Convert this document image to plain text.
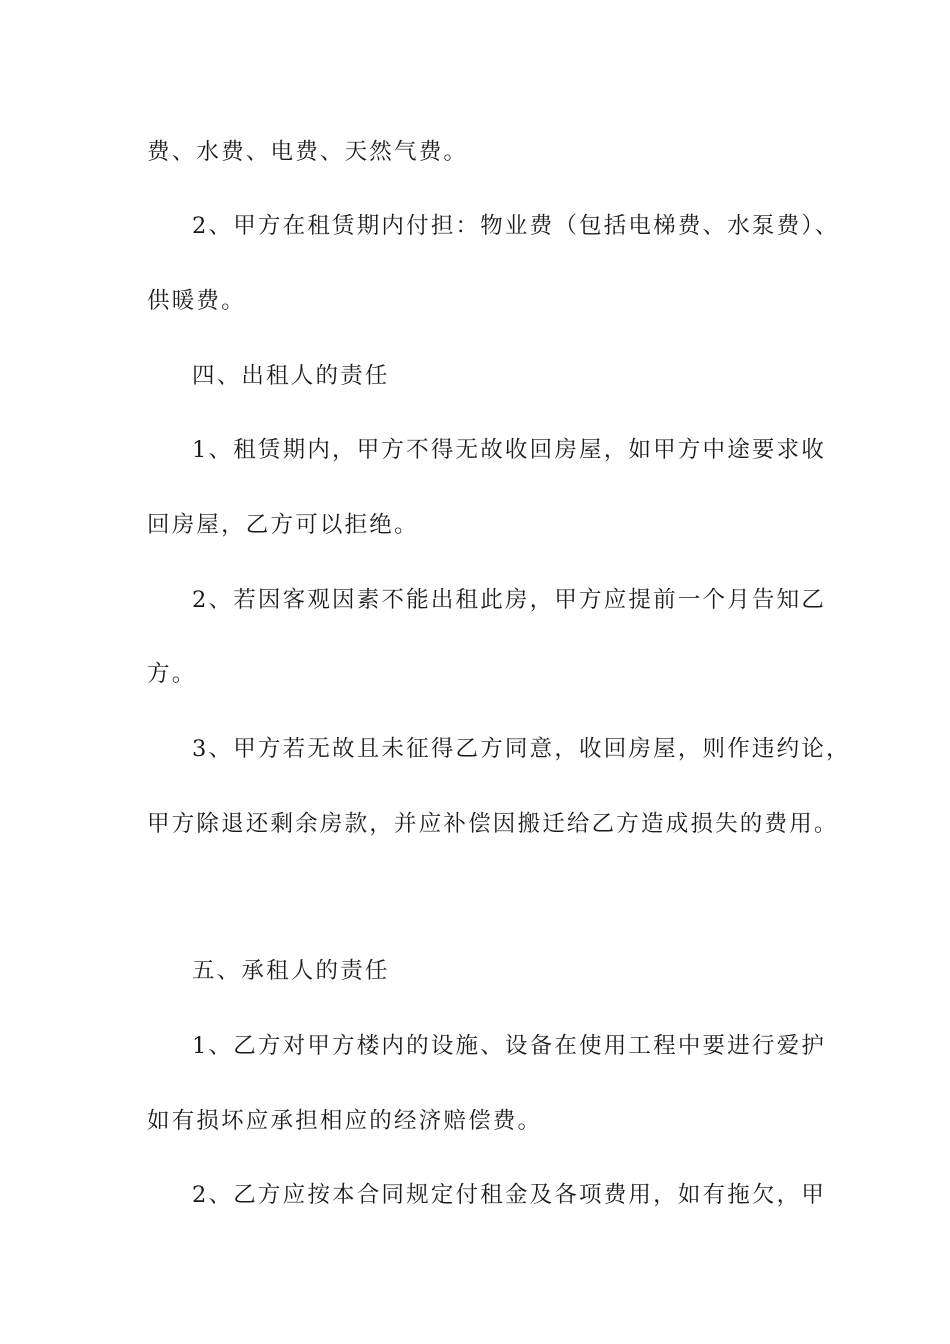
费、水费、电费、天然气费。
2、甲方在租赁期内付担：物业费（包括电梯费、水泵费）、
供暖费。
四、出租人的责任
1、租赁期内，甲方不得无故收回房屋，如甲方中途要求收
回房屋，乙方可以拒绝。
2、若因客观因素不能出租此房，甲方应提前一个月告知乙
方。
3、甲方若无故且未征得乙方同意，收回房屋，则作违约论，
甲方除退还剩余房款，并应补偿因搬迁给乙方造成损失的费用。
五、承租人的责任
1、乙方对甲方楼内的设施、设备在使用工程中要进行爱护
如有损坏应承担相应的经济赔偿费。
2、乙方应按本合同规定付租金及各项费用，如有拖欠，甲
